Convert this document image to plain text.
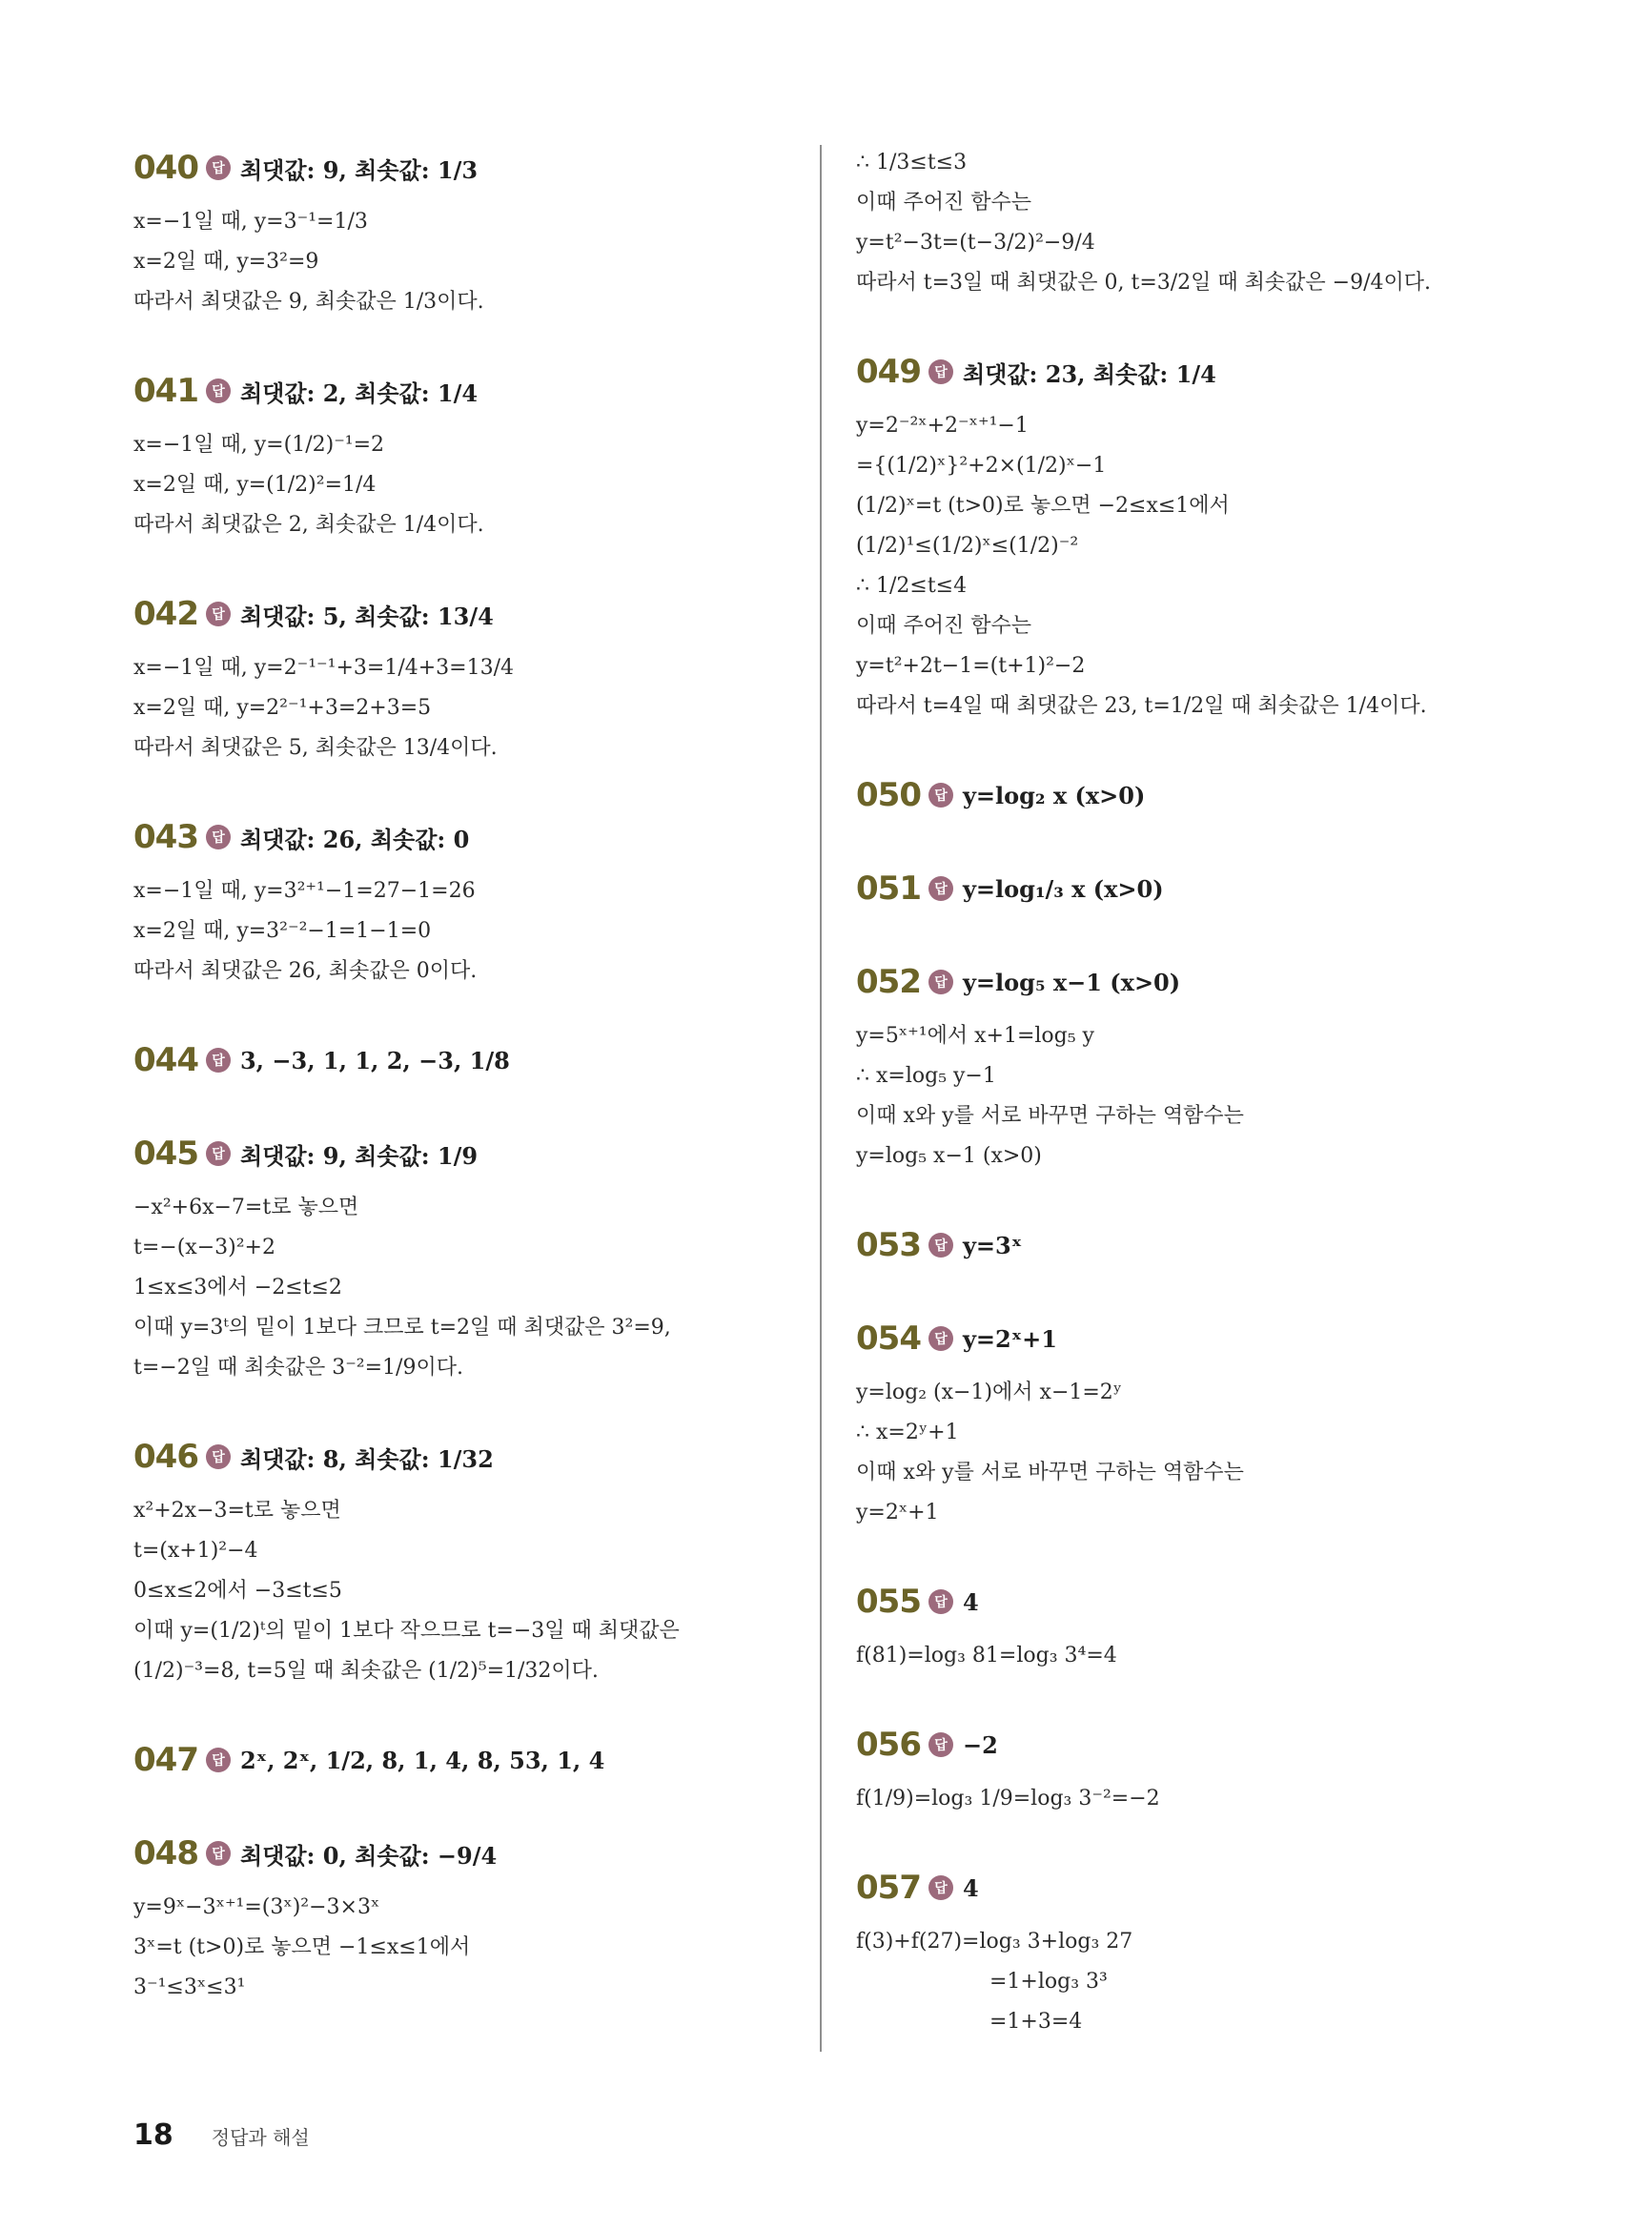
040	답 최댓값: 9, 최솟값: 1/3
x=−1일 때, y=3⁻¹=1/3
x=2일 때, y=3²=9
따라서 최댓값은 9, 최솟값은 1/3이다.
041	답 최댓값: 2, 최솟값: 1/4
x=−1일 때, y=(1/2)⁻¹=2
x=2일 때, y=(1/2)²=1/4
따라서 최댓값은 2, 최솟값은 1/4이다.
042	답 최댓값: 5, 최솟값: 13/4
x=−1일 때, y=2⁻¹⁻¹+3=1/4+3=13/4
x=2일 때, y=2²⁻¹+3=2+3=5
따라서 최댓값은 5, 최솟값은 13/4이다.
043	답 최댓값: 26, 최솟값: 0
x=−1일 때, y=3²⁺¹−1=27−1=26
x=2일 때, y=3²⁻²−1=1−1=0
따라서 최댓값은 26, 최솟값은 0이다.
044	답 3, −3, 1, 1, 2, −3, 1/8
045	답 최댓값: 9, 최솟값: 1/9
−x²+6x−7=t로 놓으면
t=−(x−3)²+2
1≤x≤3에서 −2≤t≤2
이때 y=3ᵗ의 밑이 1보다 크므로 t=2일 때 최댓값은 3²=9,
t=−2일 때 최솟값은 3⁻²=1/9이다.
046	답 최댓값: 8, 최솟값: 1/32
x²+2x−3=t로 놓으면
t=(x+1)²−4
0≤x≤2에서 −3≤t≤5
이때 y=(1/2)ᵗ의 밑이 1보다 작으므로 t=−3일 때 최댓값은
(1/2)⁻³=8, t=5일 때 최솟값은 (1/2)⁵=1/32이다.
047	답 2ˣ, 2ˣ, 1/2, 8, 1, 4, 8, 53, 1, 4
048	답 최댓값: 0, 최솟값: −9/4
y=9ˣ−3ˣ⁺¹=(3ˣ)²−3×3ˣ
3ˣ=t (t>0)로 놓으면 −1≤x≤1에서
3⁻¹≤3ˣ≤3¹
∴ 1/3≤t≤3
이때 주어진 함수는
y=t²−3t=(t−3/2)²−9/4
따라서 t=3일 때 최댓값은 0, t=3/2일 때 최솟값은 −9/4이다.
049	답 최댓값: 23, 최솟값: 1/4
y=2⁻²ˣ+2⁻ˣ⁺¹−1
={(1/2)ˣ}²+2×(1/2)ˣ−1
(1/2)ˣ=t (t>0)로 놓으면 −2≤x≤1에서
(1/2)¹≤(1/2)ˣ≤(1/2)⁻²
∴ 1/2≤t≤4
이때 주어진 함수는
y=t²+2t−1=(t+1)²−2
따라서 t=4일 때 최댓값은 23, t=1/2일 때 최솟값은 1/4이다.
050	답 y=log₂ x (x>0)
051	답 y=log₁/₃ x (x>0)
052	답 y=log₅ x−1 (x>0)
y=5ˣ⁺¹에서 x+1=log₅ y
∴ x=log₅ y−1
이때 x와 y를 서로 바꾸면 구하는 역함수는
y=log₅ x−1 (x>0)
053	답 y=3ˣ
054	답 y=2ˣ+1
y=log₂ (x−1)에서 x−1=2ʸ
∴ x=2ʸ+1
이때 x와 y를 서로 바꾸면 구하는 역함수는
y=2ˣ+1
055	답 4
f(81)=log₃ 81=log₃ 3⁴=4
056	답 −2
f(1/9)=log₃ 1/9=log₃ 3⁻²=−2
057	답 4
f(3)+f(27)=log₃ 3+log₃ 27
=1+log₃ 3³
=1+3=4
18 정답과 해설
